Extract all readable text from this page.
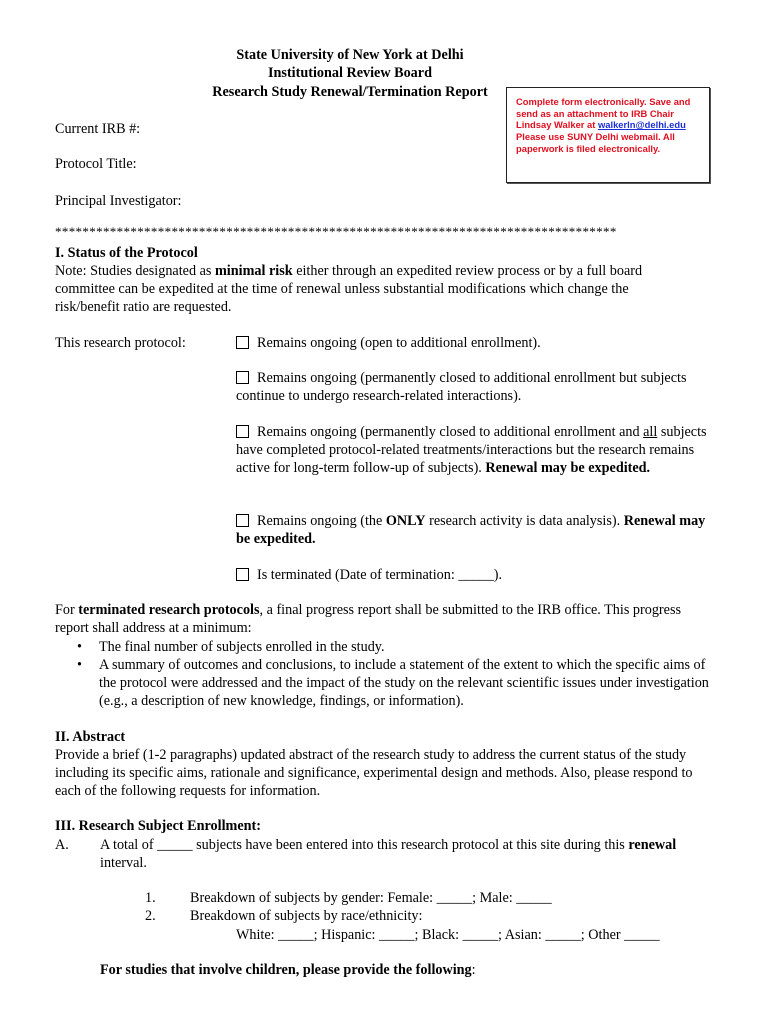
State University of New York at Delhi
Institutional Review Board
Research Study Renewal/Termination Report
Complete form electronically. Save and send as an attachment to IRB Chair Lindsay Walker at walkerln@delhi.edu Please use SUNY Delhi webmail. All paperwork is filed electronically.
Current IRB #:
Protocol Title:
Principal Investigator:
**********************************************************************************
I. Status of the Protocol
Note: Studies designated as minimal risk either through an expedited review process or by a full board committee can be expedited at the time of renewal unless substantial modifications which change the risk/benefit ratio are requested.
This research protocol:	Remains ongoing (open to additional enrollment).
Remains ongoing (permanently closed to additional enrollment but subjects continue to undergo research-related interactions).
Remains ongoing (permanently closed to additional enrollment and all subjects have completed protocol-related treatments/interactions but the research remains active for long-term follow-up of subjects). Renewal may be expedited.
Remains ongoing (the ONLY research activity is data analysis). Renewal may be expedited.
Is terminated (Date of termination: _____).
For terminated research protocols, a final progress report shall be submitted to the IRB office. This progress report shall address at a minimum:
• The final number of subjects enrolled in the study.
• A summary of outcomes and conclusions, to include a statement of the extent to which the specific aims of the protocol were addressed and the impact of the study on the relevant scientific issues under investigation (e.g., a description of new knowledge, findings, or information).
II. Abstract
Provide a brief (1-2 paragraphs) updated abstract of the research study to address the current status of the study including its specific aims, rationale and significance, experimental design and methods. Also, please respond to each of the following requests for information.
III. Research Subject Enrollment:
A. A total of _____ subjects have been entered into this research protocol at this site during this renewal interval.
1. Breakdown of subjects by gender: Female: _____; Male: _____
2. Breakdown of subjects by race/ethnicity:
White: _____; Hispanic: _____; Black: _____; Asian: _____; Other _____
For studies that involve children, please provide the following:
